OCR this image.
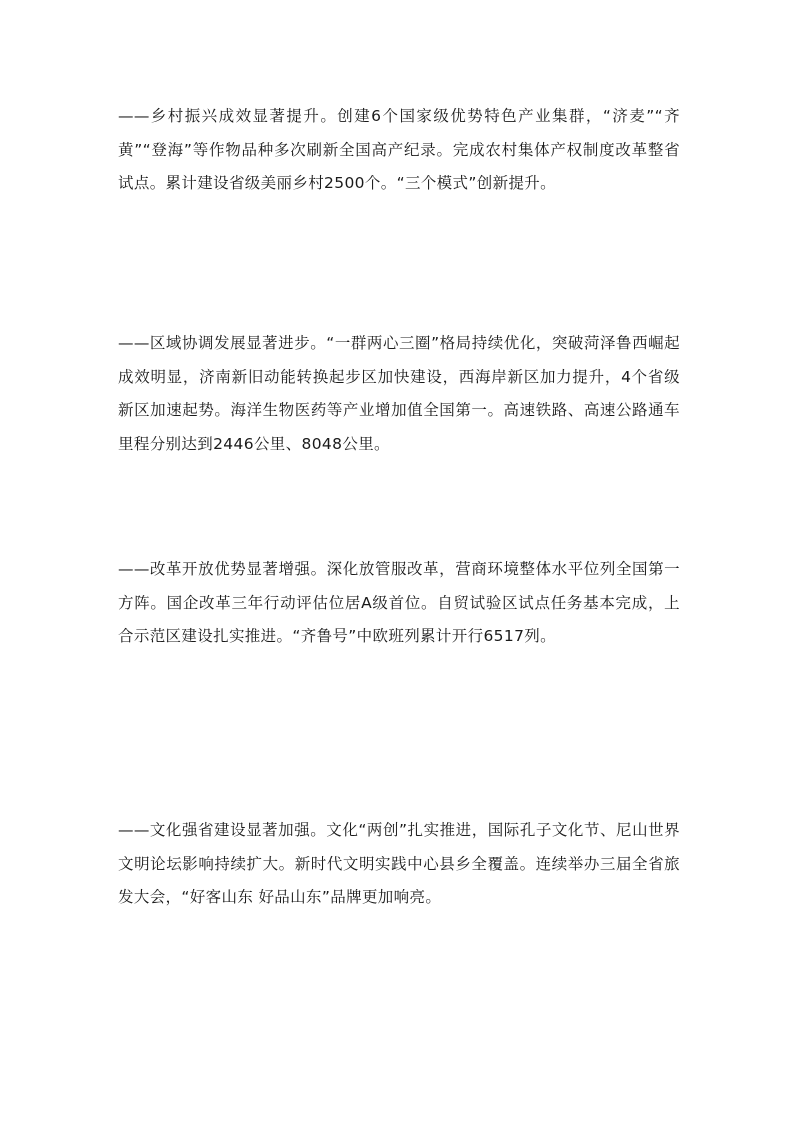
——乡村振兴成效显著提升。创建6个国家级优势特色产业集群，“济麦”“齐黄”“登海”等作物品种多次刷新全国高产纪录。完成农村集体产权制度改革整省试点。累计建设省级美丽乡村2500个。“三个模式”创新提升。

——区域协调发展显著进步。“一群两心三圈”格局持续优化，突破菏泽鲁西崛起成效明显，济南新旧动能转换起步区加快建设，西海岸新区加力提升，4个省级新区加速起势。海洋生物医药等产业增加值全国第一。高速铁路、高速公路通车里程分别达到2446公里、8048公里。

——改革开放优势显著增强。深化放管服改革，营商环境整体水平位列全国第一方阵。国企改革三年行动评估位居A级首位。自贸试验区试点任务基本完成，上合示范区建设扎实推进。“齐鲁号”中欧班列累计开行6517列。

——文化强省建设显著加强。文化“两创”扎实推进，国际孔子文化节、尼山世界文明论坛影响持续扩大。新时代文明实践中心县乡全覆盖。连续举办三届全省旅发大会，“好客山东 好品山东”品牌更加响亮。
